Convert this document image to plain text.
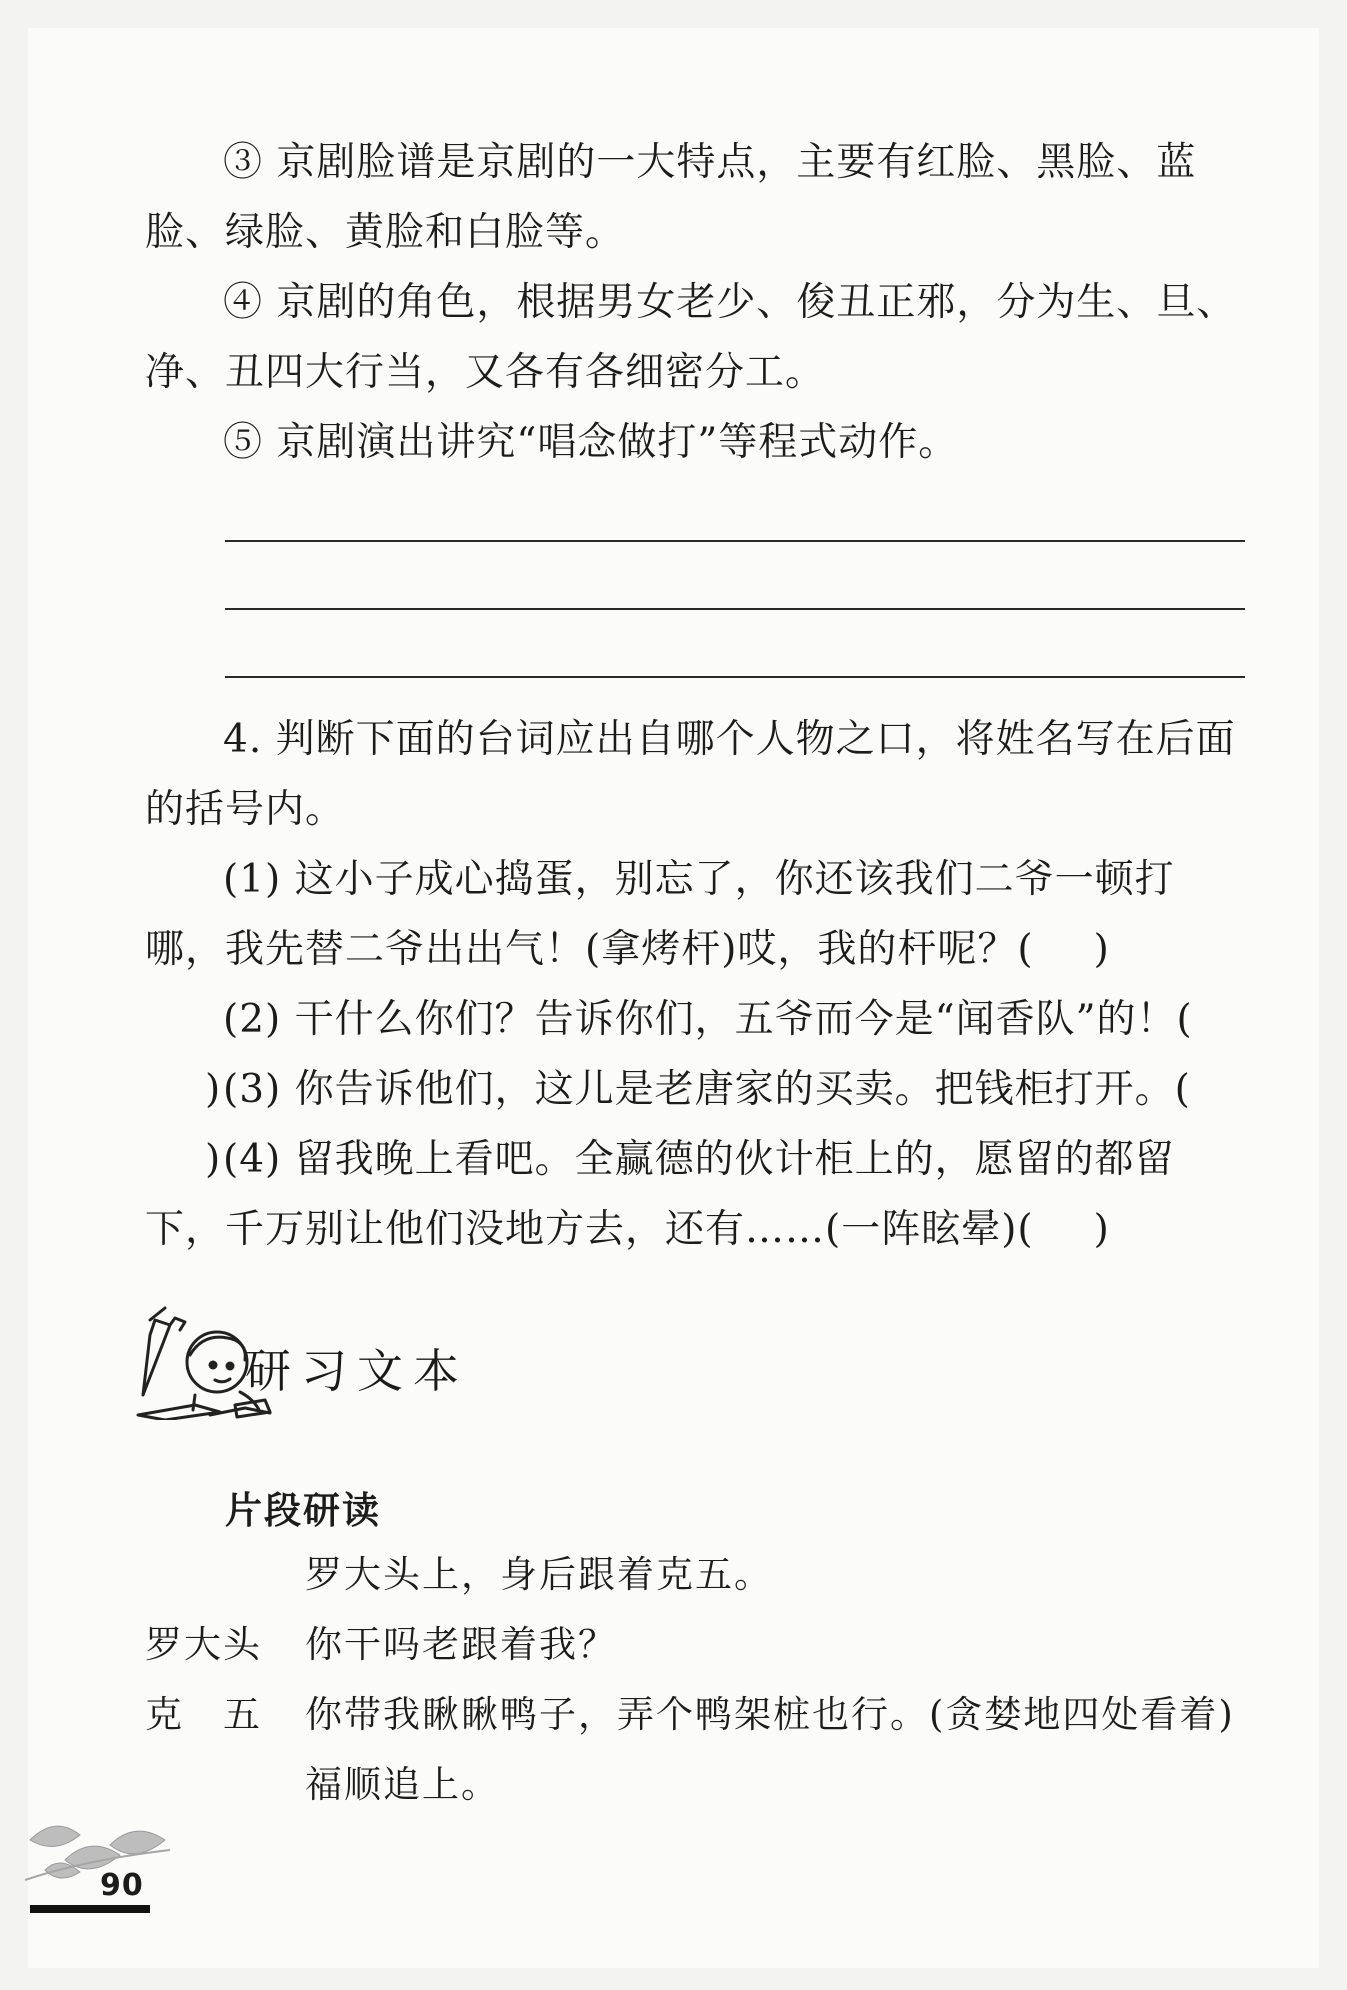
③ 京剧脸谱是京剧的一大特点，主要有红脸、黑脸、蓝脸、绿脸、黄脸和白脸等。
④ 京剧的角色，根据男女老少、俊丑正邪，分为生、旦、净、丑四大行当，又各有各细密分工。
⑤ 京剧演出讲究“唱念做打”等程式动作。
4. 判断下面的台词应出自哪个人物之口，将姓名写在后面的括号内。
(1) 这小子成心捣蛋，别忘了，你还该我们二爷一顿打哪，我先替二爷出出气！(拿烤杆)哎，我的杆呢？( )
(2) 干什么你们？告诉你们，五爷而今是“闻香队”的！() (3) 你告诉他们，这儿是老唐家的买卖。把钱柜打开。() (4) 留我晚上看吧。全赢德的伙计柜上的，愿留的都留下，千万别让他们没地方去，还有……(一阵眩晕)( )
研习文本
片段研读
罗大头上，身后跟着克五。
罗大头 你干吗老跟着我？
克　五 你带我瞅瞅鸭子，弄个鸭架桩也行。(贪婪地四处看着)
福顺追上。
90
